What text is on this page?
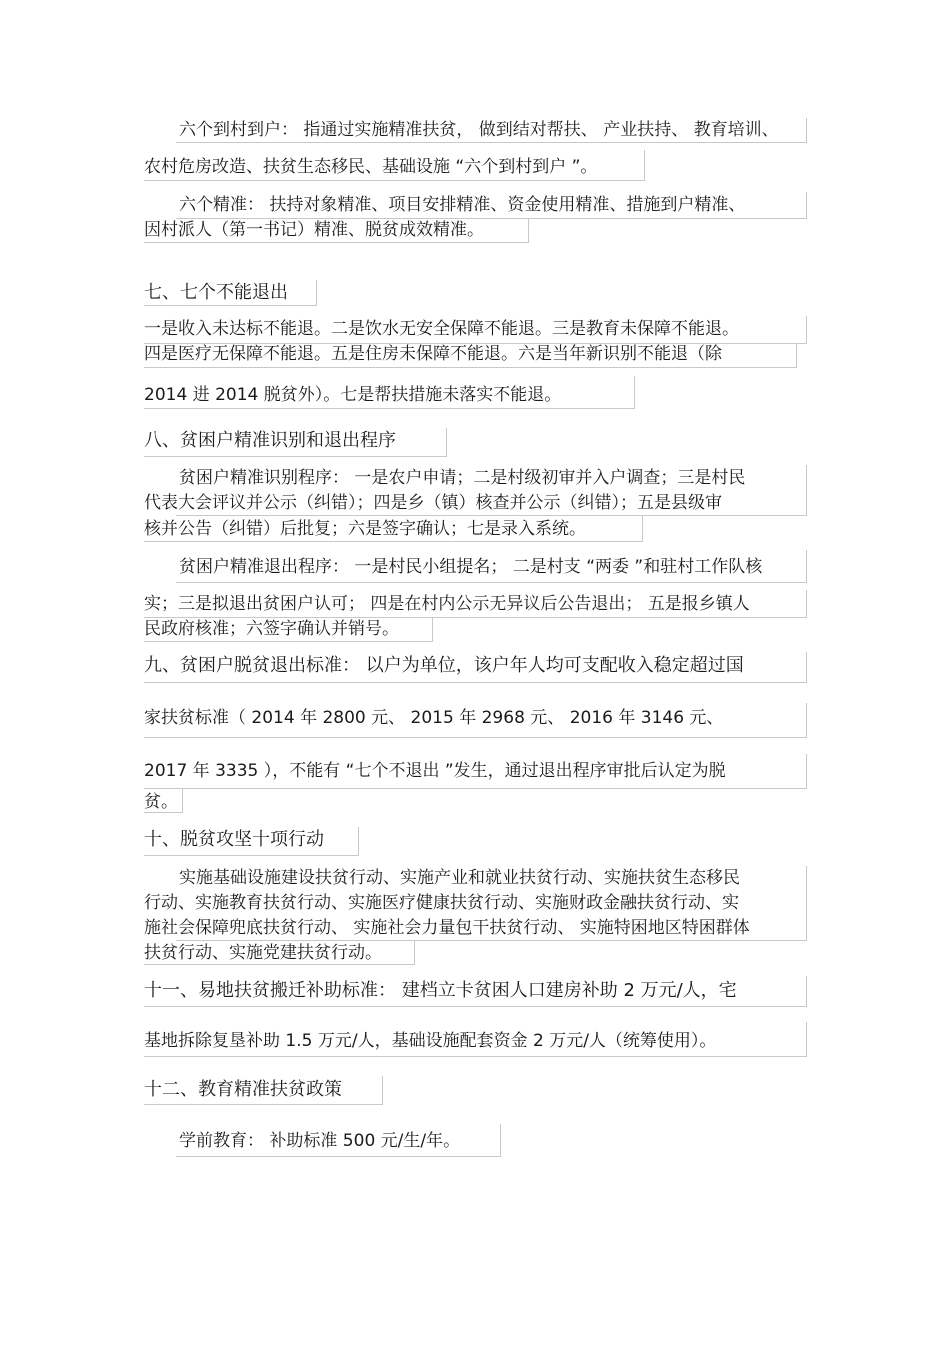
六个到村到户： 指通过实施精准扶贫， 做到结对帮扶、 产业扶持、 教育培训、
农村危房改造、扶贫生态移民、基础设施 “六个到村到户 ”。
六个精准： 扶持对象精准、项目安排精准、资金使用精准、措施到户精准、
因村派人（第一书记）精准、脱贫成效精准。
七、七个不能退出
一是收入未达标不能退。二是饮水无安全保障不能退。三是教育未保障不能退。
四是医疗无保障不能退。五是住房未保障不能退。六是当年新识别不能退（除
2014 进 2014 脱贫外）。七是帮扶措施未落实不能退。
八、贫困户精准识别和退出程序
贫困户精准识别程序： 一是农户申请；二是村级初审并入户调查；三是村民
代表大会评议并公示（纠错）；四是乡（镇）核查并公示（纠错）；五是县级审
核并公告（纠错）后批复；六是签字确认；七是录入系统。
贫困户精准退出程序： 一是村民小组提名； 二是村支 “两委 ”和驻村工作队核
实；三是拟退出贫困户认可； 四是在村内公示无异议后公告退出； 五是报乡镇人
民政府核准；六签字确认并销号。
九、贫困户脱贫退出标准： 以户为单位，该户年人均可支配收入稳定超过国
家扶贫标准（ 2014 年 2800 元、 2015 年 2968 元、 2016 年 3146 元、
2017 年 3335 ），不能有 “七个不退出 ”发生，通过退出程序审批后认定为脱
贫。
十、脱贫攻坚十项行动
实施基础设施建设扶贫行动、实施产业和就业扶贫行动、实施扶贫生态移民
行动、实施教育扶贫行动、实施医疗健康扶贫行动、实施财政金融扶贫行动、实
施社会保障兜底扶贫行动、 实施社会力量包干扶贫行动、 实施特困地区特困群体
扶贫行动、实施党建扶贫行动。
十一、易地扶贫搬迁补助标准： 建档立卡贫困人口建房补助 2 万元/人，宅
基地拆除复垦补助 1.5 万元/人，基础设施配套资金 2 万元/人（统筹使用）。
十二、教育精准扶贫政策
学前教育： 补助标准 500 元/生/年。
